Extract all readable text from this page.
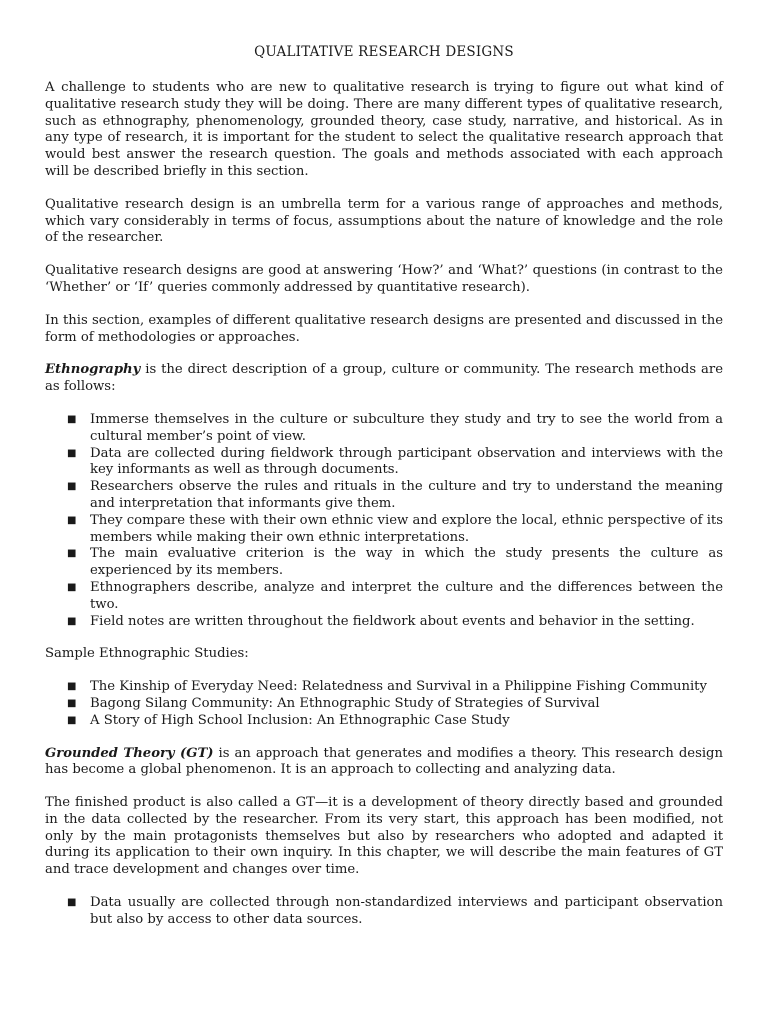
QUALITATIVE RESEARCH DESIGNS

A challenge to students who are new to qualitative research is trying to figure out what kind of qualitative research study they will be doing. There are many different types of qualitative research, such as ethnography, phenomenology, grounded theory, case study, narrative, and historical. As in any type of research, it is important for the student to select the qualitative research approach that would best answer the research question. The goals and methods associated with each approach will be described briefly in this section.

Qualitative research design is an umbrella term for a various range of approaches and methods, which vary considerably in terms of focus, assumptions about the nature of knowledge and the role of the researcher.

Qualitative research designs are good at answering ‘How?’ and ‘What?’ questions (in contrast to the ‘Whether’ or ‘If’ queries commonly addressed by quantitative research).

In this section, examples of different qualitative research designs are presented and discussed in the form of methodologies or approaches.

Ethnography is the direct description of a group, culture or community. The research methods are as follows:

■ Immerse themselves in the culture or subculture they study and try to see the world from a cultural member’s point of view.
■ Data are collected during fieldwork through participant observation and interviews with the key informants as well as through documents.
■ Researchers observe the rules and rituals in the culture and try to understand the meaning and interpretation that informants give them.
■ They compare these with their own ethnic view and explore the local, ethnic perspective of its members while making their own ethnic interpretations.
■ The main evaluative criterion is the way in which the study presents the culture as experienced by its members.
■ Ethnographers describe, analyze and interpret the culture and the differences between the two.
■ Field notes are written throughout the fieldwork about events and behavior in the setting.

Sample Ethnographic Studies:

■ The Kinship of Everyday Need: Relatedness and Survival in a Philippine Fishing Community
■ Bagong Silang Community: An Ethnographic Study of Strategies of Survival
■ A Story of High School Inclusion: An Ethnographic Case Study

Grounded Theory (GT) is an approach that generates and modifies a theory. This research design has become a global phenomenon. It is an approach to collecting and analyzing data.

The finished product is also called a GT—it is a development of theory directly based and grounded in the data collected by the researcher. From its very start, this approach has been modified, not only by the main protagonists themselves but also by researchers who adopted and adapted it during its application to their own inquiry. In this chapter, we will describe the main features of GT and trace development and changes over time.

■ Data usually are collected through non-standardized interviews and participant observation but also by access to other data sources.
